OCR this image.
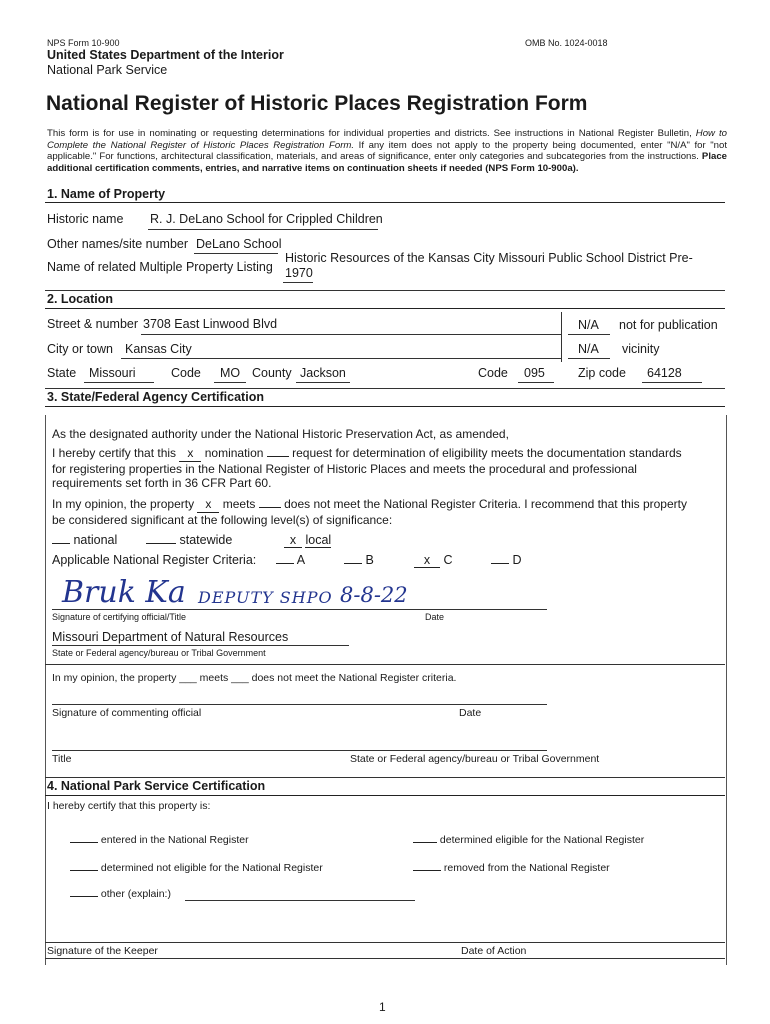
NPS Form 10-900	OMB No. 1024-0018
United States Department of the Interior
National Park Service
National Register of Historic Places Registration Form
This form is for use in nominating or requesting determinations for individual properties and districts. See instructions in National Register Bulletin, How to Complete the National Register of Historic Places Registration Form. If any item does not apply to the property being documented, enter "N/A" for "not applicable." For functions, architectural classification, materials, and areas of significance, enter only categories and subcategories from the instructions. Place additional certification comments, entries, and narrative items on continuation sheets if needed (NPS Form 10-900a).
1. Name of Property
Historic name R. J. DeLano School for Crippled Children
Other names/site number DeLano School
Name of related Multiple Property Listing
Historic Resources of the Kansas City Missouri Public School District Pre-
1970
2. Location
Street & number 3708 East Linwood Blvd	N/A not for publication
City or town Kansas City	N/A vicinity
State Missouri	Code MO County Jackson	Code 095	Zip code 64128
3. State/Federal Agency Certification
As the designated authority under the National Historic Preservation Act, as amended,
I hereby certify that this x nomination  request for determination of eligibility meets the documentation standards
for registering properties in the National Register of Historic Places and meets the procedural and professional
requirements set forth in 36 CFR Part 60.
In my opinion, the property x meets  does not meet the National Register Criteria. I recommend that this property
be considered significant at the following level(s) of significance:
national	statewide	x local
Applicable National Register Criteria:	A	B	x C	D
Bruk Ka DEPUTY SHPO 8-8-22
Signature of certifying official/Title	Date
Missouri Department of Natural Resources
State or Federal agency/bureau or Tribal Government
In my opinion, the property ___ meets ___ does not meet the National Register criteria.
Signature of commenting official	Date
Title	State or Federal agency/bureau or Tribal Government
4. National Park Service Certification
I hereby certify that this property is:
entered in the National Register	determined eligible for the National Register
determined not eligible for the National Register	removed from the National Register
other (explain:)
Signature of the Keeper	Date of Action
1
